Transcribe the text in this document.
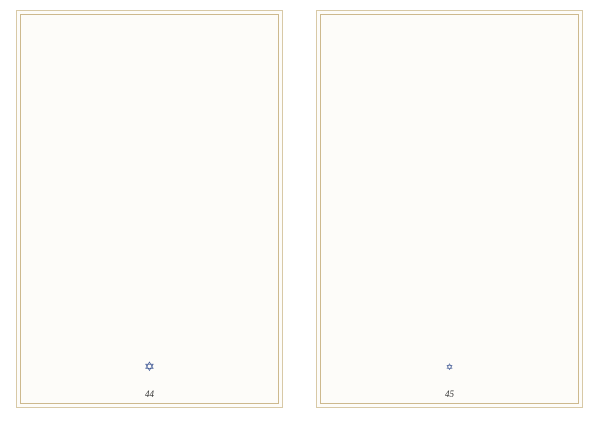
✡
44
✡
45
